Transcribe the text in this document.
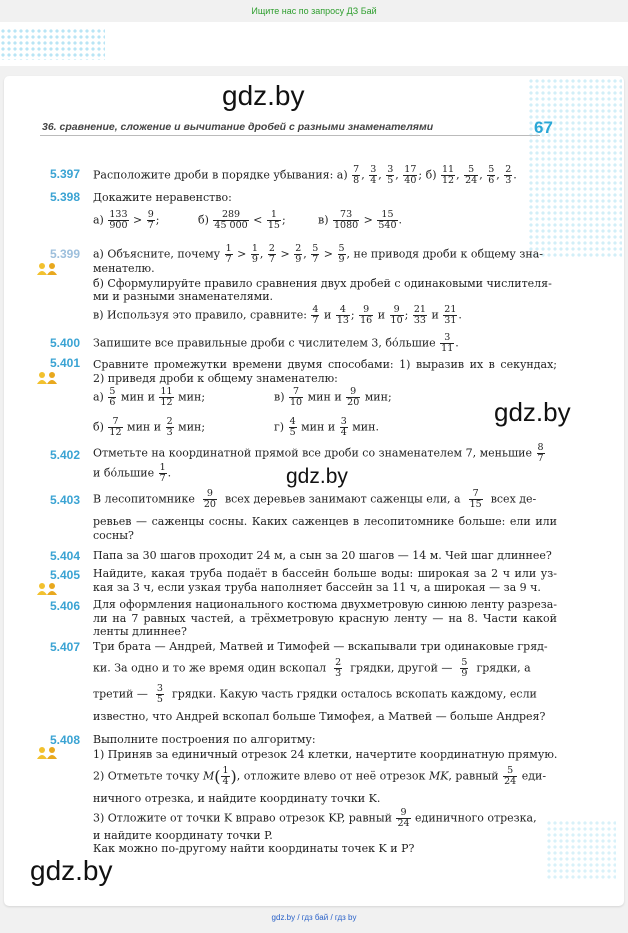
Ищите нас по запросу ДЗ Бай
gdz.by
gdz.by
gdz.by
gdz.by
36. сравнение, сложение и вычитание дробей с разными знаменателями	67
5.397 Расположите дроби в порядке убывания: $а) \frac{7}{8}$ , $\frac{3}{4}$ , $\frac{3}{5}$ , $\frac{17}{40}$ ; $б) \frac{11}{12}$ , $\frac{5}{24}$ , $\frac{5}{6}$ , $\frac{2}{3}$ .
5.398 Докажите неравенство:
$а) \frac{133}{900} > \frac{9}{7}$ ;	$б) \frac{289}{45 000} < \frac{1}{15}$ ;	$в) \frac{73}{1080} > \frac{15}{540}$ .
5.399 а) Объясните, почему $\frac{1}{7} > \frac{1}{9}$ , $\frac{2}{7} > \frac{2}{9}$ , $\frac{5}{7} > \frac{5}{9}$ , не приводя дроби к общему зна-
менателю.
б) Сформулируйте правило сравнения двух дробей с одинаковыми числителя-
ми и разными знаменателями.
в) Используя это правило, сравните: $\frac{4}{7}$ и $\frac{4}{13}$ ; $\frac{9}{16}$ и $\frac{9}{10}$ ; $\frac{21}{33}$ и $\frac{21}{31}$ .
5.400 Запишите все правильные дроби с числителем 3, бо́льшие $\frac{3}{11}$ .
5.401 Сравните промежутки времени двумя способами: 1) выразив их в секундах;
2) приведя дроби к общему знаменателю:
$а) \frac{5}{6}$ мин и $\frac{11}{12}$ мин;	$в) \frac{7}{10}$ мин и $\frac{9}{20}$ мин;
$б) \frac{7}{12}$ мин и $\frac{2}{3}$ мин;	$г) \frac{4}{5}$ мин и $\frac{3}{4}$ мин.
5.402 Отметьте на координатной прямой все дроби со знаменателем 7, меньшие $\frac{8}{7}$
и бо́льшие $\frac{1}{7}$ .
5.403 В лесопитомнике $\frac{9}{20}$ всех деревьев занимают саженцы ели, а $\frac{7}{15}$ всех де-
ревьев — саженцы сосны. Каких саженцев в лесопитомнике больше: ели или
сосны?
5.404 Папа за 30 шагов проходит 24 м, а сын за 20 шагов — 14 м. Чей шаг длиннее?
5.405 Найдите, какая труба подаёт в бассейн больше воды: широкая за 2 ч или уз-
кая за 3 ч, если узкая труба наполняет бассейн за 11 ч, а широкая — за 9 ч.
5.406 Для оформления национального костюма двухметровую синюю ленту разреза-
ли на 7 равных частей, а трёхметровую красную ленту — на 8. Части какой
ленты длиннее?
5.407 Три брата — Андрей, Матвей и Тимофей — вскапывали три одинаковые гряд-
ки. За одно и то же время один вскопал $\frac{2}{3}$ грядки, другой — $\frac{5}{9}$ грядки, а
третий — $\frac{3}{5}$ грядки. Какую часть грядки осталось вскопать каждому, если
известно, что Андрей вскопал больше Тимофея, а Матвей — больше Андрея?
5.408 Выполните построения по алгоритму:
1) Приняв за единичный отрезок 24 клетки, начертите координатную прямую.
2) Отметьте точку $M( \frac{1}{4}$ ), отложите влево от неё отрезок MK, равный $\frac{5}{24} еди-$
ничного отрезка, и найдите координату точки K.
3) Отложите от точки K вправо отрезок KP, равный $\frac{9}{24}$ единичного отрезка,
и найдите координату точки P.
Как можно по-другому найти координаты точек K и P?
gdz.by / гдз бай / гдз by
